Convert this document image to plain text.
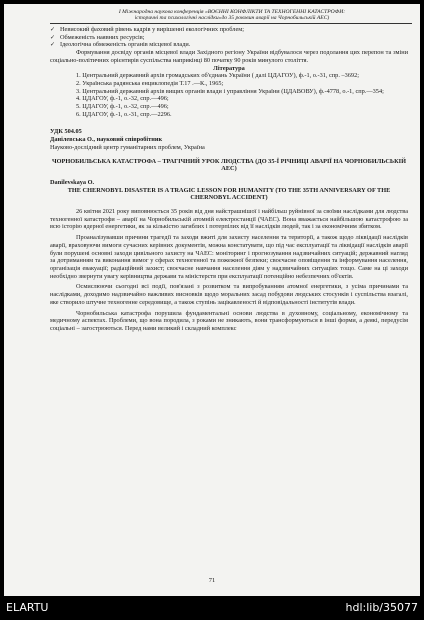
І Міжнародна наукова конференція «ВОЄННІ КОНФЛІКТИ ТА ТЕХНОГЕННІ КАТАСТРОФИ:
історичні та психологічні наслідки»до 35 роковин аварії на Чорнобильській АЕС)
✓ Невисокий фаховий рівень кадрів у вирішенні екологічних проблем;
✓ Обмеженість наявних ресурсів;
✓ Ідеологічна обмеженість органів місцевої влади.

Формування досвіду органів місцевої влади Західного регіону України відбувалося через подолання цих перепон та зміни соціально-політичних орієнтирів суспільства наприкінці 80 початку 90 років минулого століття.

Література

1. Центральний державний архів громадських об'єднань України ( далі ЦДАГОУ), ф.-1, о.-31, спр. –3692;

2. Українська радянська енциклопедія Т.17 .—К., 1965;

3. Центральний державний архів вищих органів влади і управління України (ЦДАВОВУ), ф.-4778, о.-1, спр.—354;

4. ЦДАГОУ, ф.-1, о.-32, спр.—496;

5. ЦДАГОУ, ф.-1, о.-32, спр.—496;

6. ЦДАГОУ, ф.-1, о.-31, спр.—2296.

УДК 504.05

Данілевська О., науковий співробітник

Науково-дослідний центр гуманітарних проблем, Україна

ЧОРНОБИЛЬСЬКА КАТАСТРОФА – ТРАГІЧНИЙ УРОК ЛЮДСТВА (ДО 35-Ї РІЧНИЦІ АВАРІЇ НА ЧОРНОБИЛЬСЬКІЙ АЕС)

Danilevskaya O.

THE CHERNOBYL DISASTER IS A TRAGIC LESSON FOR HUMANITY (TO THE 35TH ANNIVERSARY OF THE CHERNOBYL ACCIDENT)

26 квітня 2021 року виповнюється 35 років від дня найстрашнішої і найбільш руйнівної за своїми наслідками для людства техногенної катастрофи – аварії на Чорнобильській атомній електростанції (ЧАЕС). Вона вважається найбільшою катастрофою за всю історію ядерної енергетики, як за кількістю загиблих і потерпілих від її наслідків людей, так і за економічним збитком.

Проаналізувавши причини трагедії та заходи вжиті для захисту населення та території, а також щодо ліквідації наслідків аварії, враховуючи вимоги сучасних керівних документів, можна констатувати, що під час експлуатації та ліквідації наслідків аварії були порушені основні заходи цивільного захисту на ЧАЕС: моніторинг і прогнозування надзвичайних ситуацій; державний нагляд за дотриманням та виконання вимог у сферах техногенної та пожежної безпеки; своєчасне оповіщення та інформування населення, організація евакуації; радіаційний захист; своєчасне навчання населення діям у надзвичайних ситуаціях тощо. Саме на ці заходи необхідно звернути увагу керівництва держави та міністерств при експлуатації потенційно небезпечних об'єктів.

Осмислюючи сьогодні всі події, пов'язані з розвитком та випробуванням атомної енергетики, з усіма причинами та наслідками, доходимо надзвичайно важливих висновків щодо моральних засад побудови людських стосунків і суспільства взагалі, яке створило штучне техногенне середовище, а також ступінь зацікавленості й відповідальності інститутів влади.

Чорнобильська катастрофа порушила фундаментальні основи людства в духовному, соціальному, економічному та медичному аспектах. Проблеми, що вона породила, з роками не зникають, вони трансформуються в інші форми, а деякі, передусім соціальні – загострюються. Перед нами великий і складний комплекс

71
ELARTU	hdl:lib/35077
